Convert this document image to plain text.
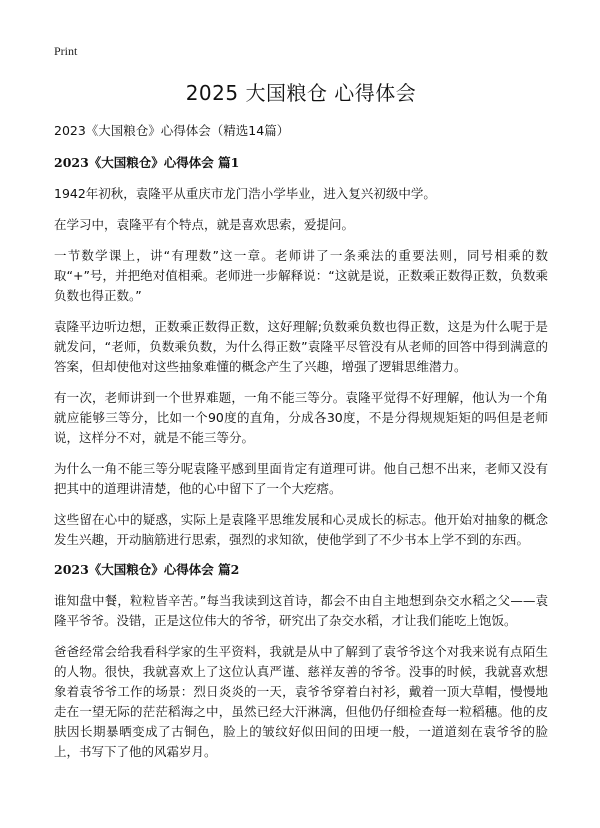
Print
2025 大国粮仓 心得体会
2023《大国粮仓》心得体会（精选14篇）
2023《大国粮仓》心得体会 篇1

1942年初秋，袁隆平从重庆市龙门浩小学毕业，进入复兴初级中学。

在学习中，袁隆平有个特点，就是喜欢思索，爱提问。

一节数学课上，讲“有理数”这一章。老师讲了一条乘法的重要法则，同号相乘的数取“+”号，并把绝对值相乘。老师进一步解释说：“这就是说，正数乘正数得正数，负数乘负数也得正数。”

袁隆平边听边想，正数乘正数得正数，这好理解;负数乘负数也得正数，这是为什么呢于是就发问，“老师，负数乘负数，为什么得正数”袁隆平尽管没有从老师的回答中得到满意的答案，但却使他对这些抽象难懂的概念产生了兴趣，增强了逻辑思维潜力。

有一次，老师讲到一个世界难题，一角不能三等分。袁隆平觉得不好理解，他认为一个角就应能够三等分，比如一个90度的直角，分成各30度，不是分得规规矩矩的吗但是老师说，这样分不对，就是不能三等分。

为什么一角不能三等分呢袁隆平感到里面肯定有道理可讲。他自己想不出来，老师又没有把其中的道理讲清楚，他的心中留下了一个大疙瘩。

这些留在心中的疑惑，实际上是袁隆平思维发展和心灵成长的标志。他开始对抽象的概念发生兴趣，开动脑筋进行思索，强烈的求知欲，使他学到了不少书本上学不到的东西。

2023《大国粮仓》心得体会 篇2

谁知盘中餐，粒粒皆辛苦。”每当我读到这首诗，都会不由自主地想到杂交水稻之父——袁隆平爷爷。没错，正是这位伟大的爷爷，研究出了杂交水稻，才让我们能吃上饱饭。

爸爸经常会给我看科学家的生平资料，我就是从中了解到了袁爷爷这个对我来说有点陌生的人物。很快，我就喜欢上了这位认真严谨、慈祥友善的爷爷。没事的时候，我就喜欢想象着袁爷爷工作的场景：烈日炎炎的一天，袁爷爷穿着白衬衫，戴着一顶大草帽，慢慢地走在一望无际的茫茫稻海之中，虽然已经大汗淋漓，但他仍仔细检查每一粒稻穗。他的皮肤因长期暴晒变成了古铜色，脸上的皱纹好似田间的田埂一般，一道道刻在袁爷爷的脸上，书写下了他的风霜岁月。
